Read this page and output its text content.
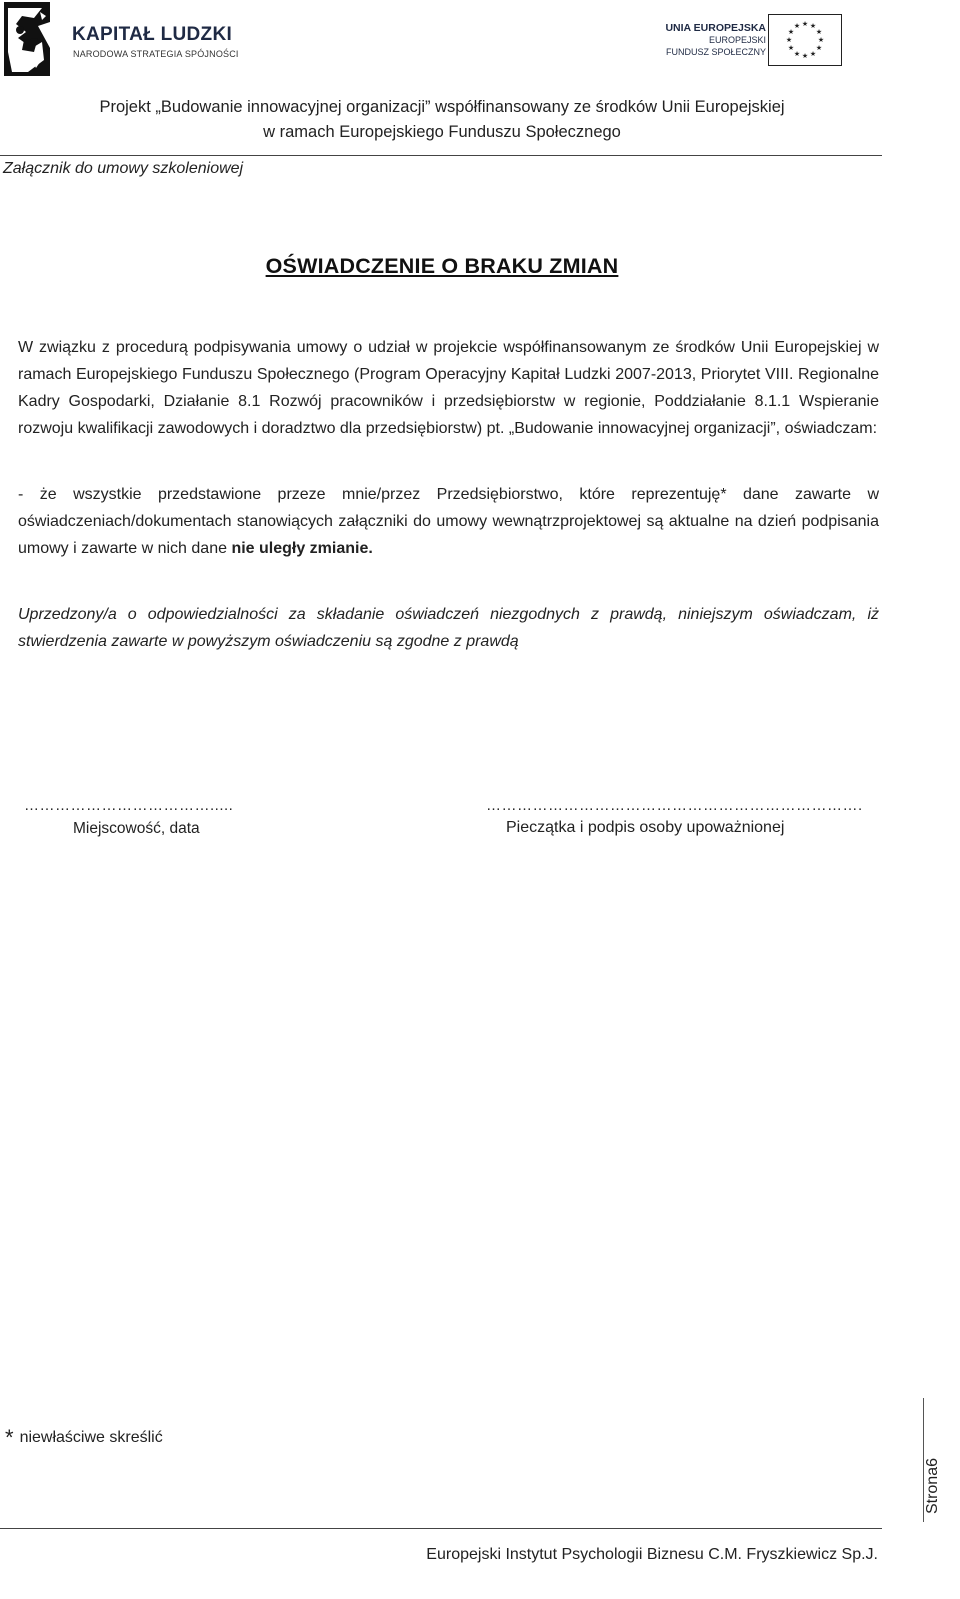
KAPITAŁ LUDZKI
NARODOWA STRATEGIA SPÓJNOŚCI
UNIA EUROPEJSKA
EUROPEJSKI
FUNDUSZ SPOŁECZNY
★ ★
★
★
★
★
★
★
★
★
★
★
Projekt „Budowanie innowacyjnej organizacji” współfinansowany ze środków Unii Europejskiej
w ramach Europejskiego Funduszu Społecznego
Załącznik do umowy szkoleniowej
OŚWIADCZENIE O BRAKU ZMIAN
W związku z procedurą podpisywania umowy o udział w projekcie współfinansowanym ze środków Unii Europejskiej w ramach Europejskiego Funduszu Społecznego (Program Operacyjny Kapitał Ludzki 2007-2013, Priorytet VIII. Regionalne Kadry Gospodarki, Działanie 8.1 Rozwój pracowników i przedsiębiorstw w regionie, Poddziałanie 8.1.1 Wspieranie rozwoju kwalifikacji zawodowych i doradztwo dla przedsiębiorstw) pt. „Budowanie innowacyjnej organizacji”, oświadczam:
- że wszystkie przedstawione przeze mnie/przez Przedsiębiorstwo, które reprezentuję* dane zawarte w oświadczeniach/dokumentach stanowiących załączniki do umowy wewnątrzprojektowej są aktualne na dzień podpisania umowy i zawarte w nich dane nie uległy zmianie.
Uprzedzony/a o odpowiedzialności za składanie oświadczeń niezgodnych z prawdą, niniejszym oświadczam, iż stwierdzenia zawarte w powyższym oświadczeniu są zgodne z prawdą
……………………………….....	……………………………………………………………….
Miejscowość, data	Pieczątka i podpis osoby upoważnionej
* niewłaściwe skreślić
Strona6
Europejski Instytut Psychologii Biznesu C.M. Fryszkiewicz Sp.J.
